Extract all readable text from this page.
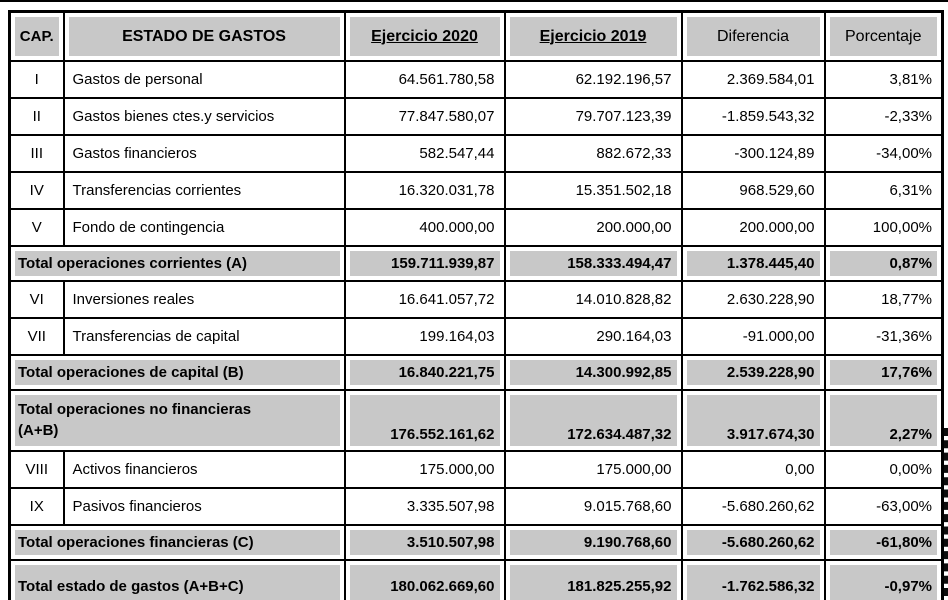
CAP.	ESTADO DE GASTOS	Ejercicio 2020	Ejercicio 2019	Diferencia	Porcentaje
I	Gastos de personal	64.561.780,58	62.192.196,57	2.369.584,01	3,81%
II	Gastos bienes ctes.y servicios	77.847.580,07	79.707.123,39	-1.859.543,32	-2,33%
III	Gastos financieros	582.547,44	882.672,33	-300.124,89	-34,00%
IV	Transferencias corrientes	16.320.031,78	15.351.502,18	968.529,60	6,31%
V	Fondo de contingencia	400.000,00	200.000,00	200.000,00	100,00%
Total operaciones corrientes (A)		159.711.939,87	158.333.494,47	1.378.445,40	0,87%
VI	Inversiones reales	16.641.057,72	14.010.828,82	2.630.228,90	18,77%
VII	Transferencias de capital	199.164,03	290.164,03	-91.000,00	-31,36%
Total operaciones de capital (B)		16.840.221,75	14.300.992,85	2.539.228,90	17,76%
Total operaciones no financieras (A+B)		176.552.161,62	172.634.487,32	3.917.674,30	2,27%
VIII	Activos financieros	175.000,00	175.000,00	0,00	0,00%
IX	Pasivos financieros	3.335.507,98	9.015.768,60	-5.680.260,62	-63,00%
Total operaciones financieras (C)		3.510.507,98	9.190.768,60	-5.680.260,62	-61,80%
Total estado de gastos (A+B+C)		180.062.669,60	181.825.255,92	-1.762.586,32	-0,97%
